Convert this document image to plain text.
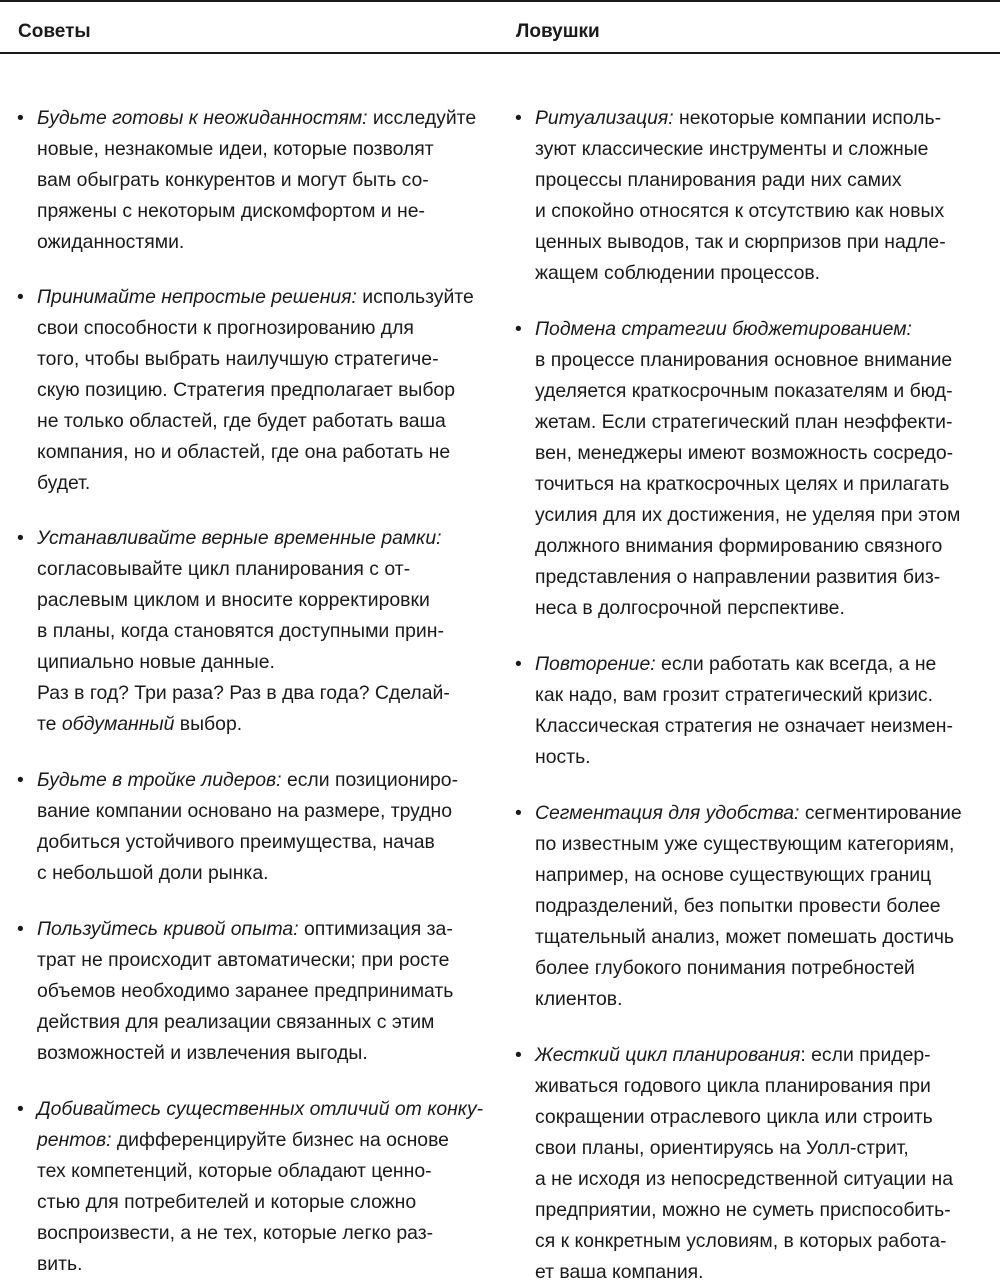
Советы	Ловушки
• Будьте готовы к неожиданностям: исследуйте
новые, незнакомые идеи, которые позволят
вам обыграть конкурентов и могут быть со-
пряжены с некоторым дискомфортом и не-
ожиданностями.
• Принимайте непростые решения: используйте
свои способности к прогнозированию для
того, чтобы выбрать наилучшую стратегиче-
скую позицию. Стратегия предполагает выбор
не только областей, где будет работать ваша
компания, но и областей, где она работать не
будет.
• Устанавливайте верные временные рамки:
согласовывайте цикл планирования с от-
раслевым циклом и вносите корректировки
в планы, когда становятся доступными прин-
ципиально новые данные.
Раз в год? Три раза? Раз в два года? Сделай-
те обдуманный выбор.
• Будьте в тройке лидеров: если позициониро-
вание компании основано на размере, трудно
добиться устойчивого преимущества, начав
с небольшой доли рынка.
• Пользуйтесь кривой опыта: оптимизация за-
трат не происходит автоматически; при росте
объемов необходимо заранее предпринимать
действия для реализации связанных с этим
возможностей и извлечения выгоды.
• Добивайтесь существенных отличий от конку-
рентов: дифференцируйте бизнес на основе
тех компетенций, которые обладают ценно-
стью для потребителей и которые сложно
воспроизвести, а не тех, которые легко раз-
вить.
• Ритуализация: некоторые компании исполь-
зуют классические инструменты и сложные
процессы планирования ради них самих
и спокойно относятся к отсутствию как новых
ценных выводов, так и сюрпризов при надле-
жащем соблюдении процессов.
• Подмена стратегии бюджетированием:
в процессе планирования основное внимание
уделяется краткосрочным показателям и бюд-
жетам. Если стратегический план неэффекти-
вен, менеджеры имеют возможность сосредо-
точиться на краткосрочных целях и прилагать
усилия для их достижения, не уделяя при этом
должного внимания формированию связного
представления о направлении развития биз-
неса в долгосрочной перспективе.
• Повторение: если работать как всегда, а не
как надо, вам грозит стратегический кризис.
Классическая стратегия не означает неизмен-
ность.
• Сегментация для удобства: сегментирование
по известным уже существующим категориям,
например, на основе существующих границ
подразделений, без попытки провести более
тщательный анализ, может помешать достичь
более глубокого понимания потребностей
клиентов.
• Жесткий цикл планирования: если придер-
живаться годового цикла планирования при
сокращении отраслевого цикла или строить
свои планы, ориентируясь на Уолл-стрит,
а не исходя из непосредственной ситуации на
предприятии, можно не суметь приспособить-
ся к конкретным условиям, в которых работа-
ет ваша компания.
